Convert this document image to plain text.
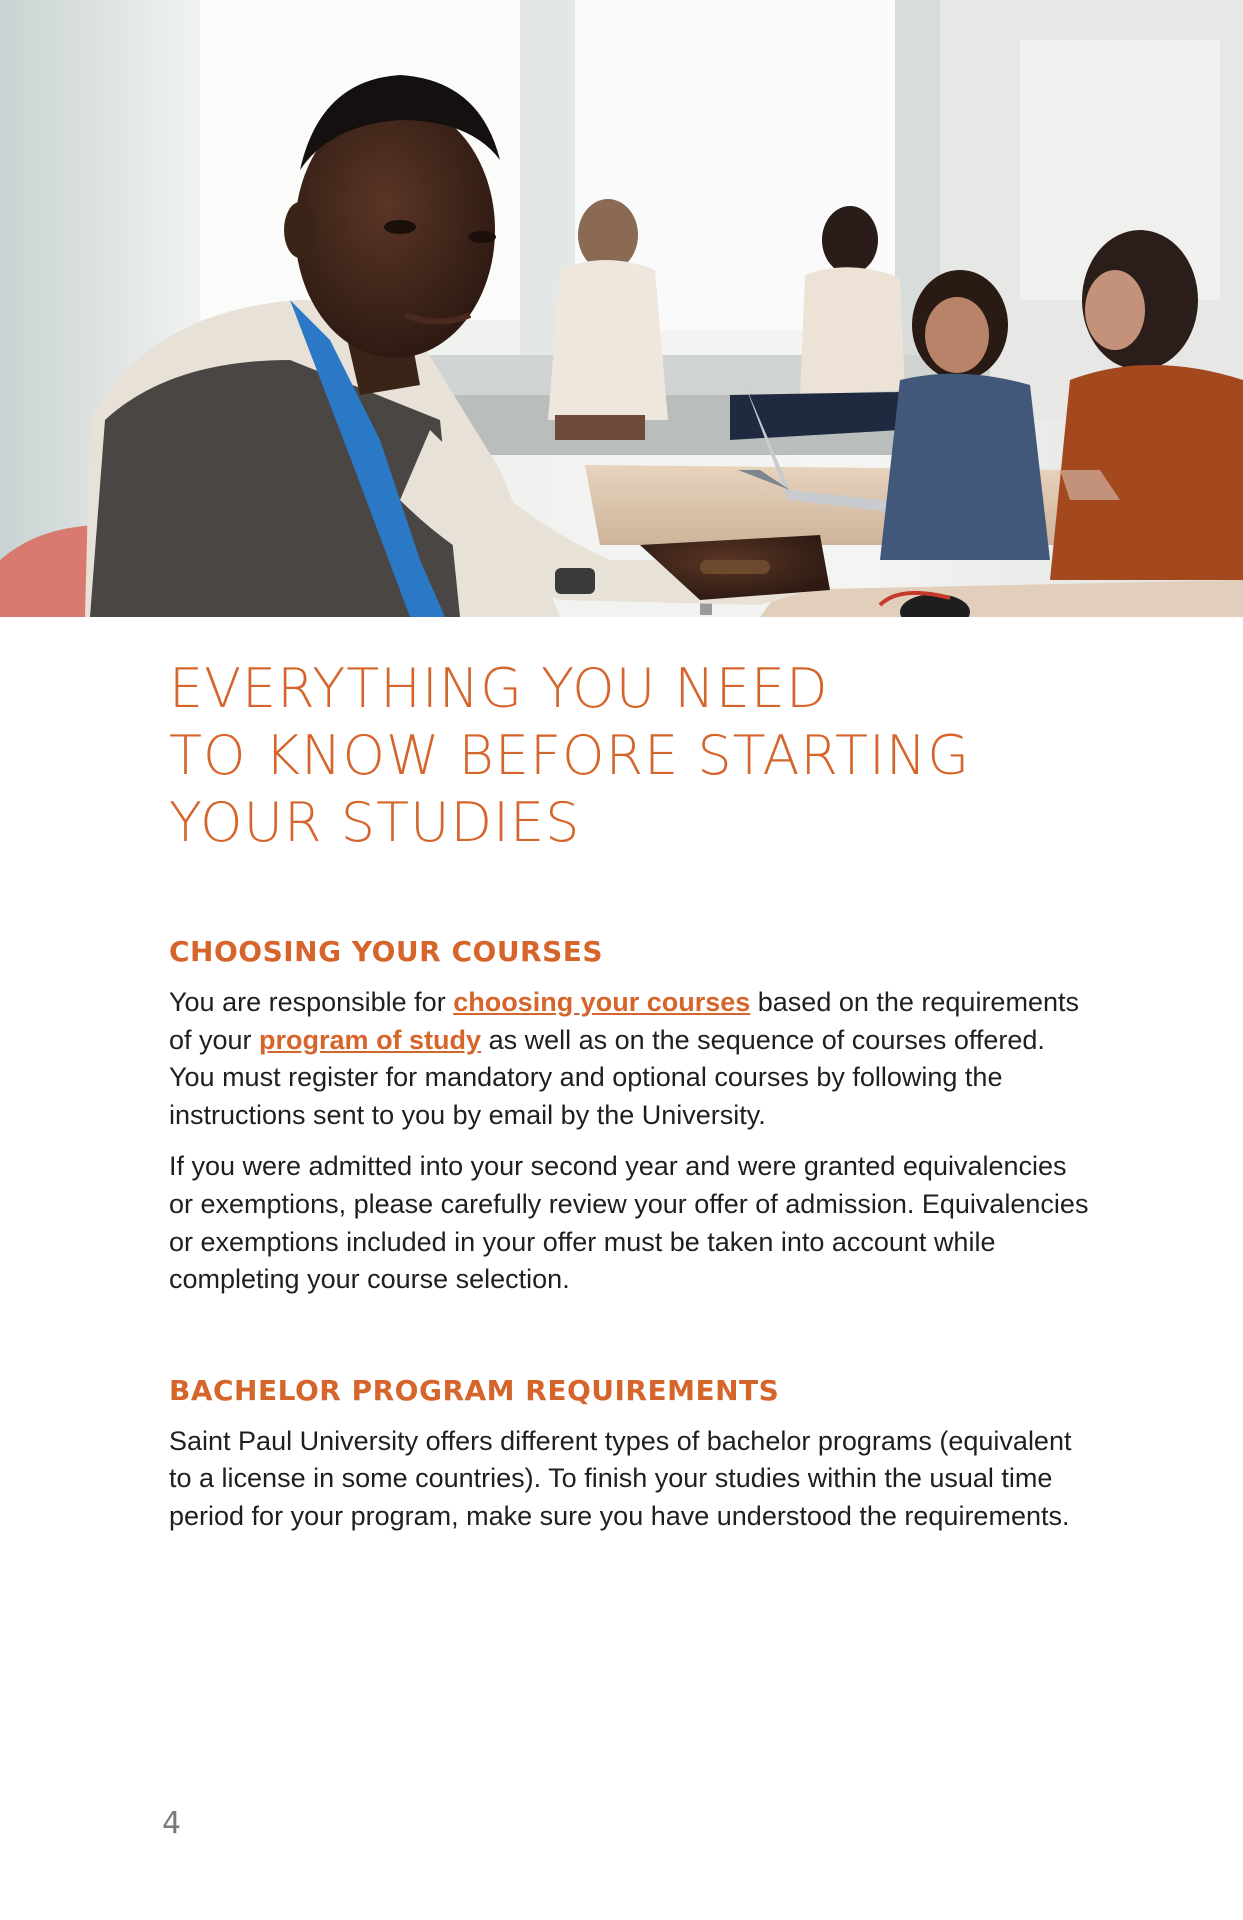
EVERYTHING YOU NEED
TO KNOW BEFORE STARTING
YOUR STUDIES
CHOOSING YOUR COURSES

You are responsible for choosing your courses based on the requirements of your program of study as well as on the sequence of courses offered. You must register for mandatory and optional courses by following the instructions sent to you by email by the University.

If you were admitted into your second year and were granted equivalencies or exemptions, please carefully review your offer of admission. Equivalencies or exemptions included in your offer must be taken into account while completing your course selection.

BACHELOR PROGRAM REQUIREMENTS

Saint Paul University offers different types of bachelor programs (equivalent to a license in some countries). To finish your studies within the usual time period for your program, make sure you have understood the requirements.

4
